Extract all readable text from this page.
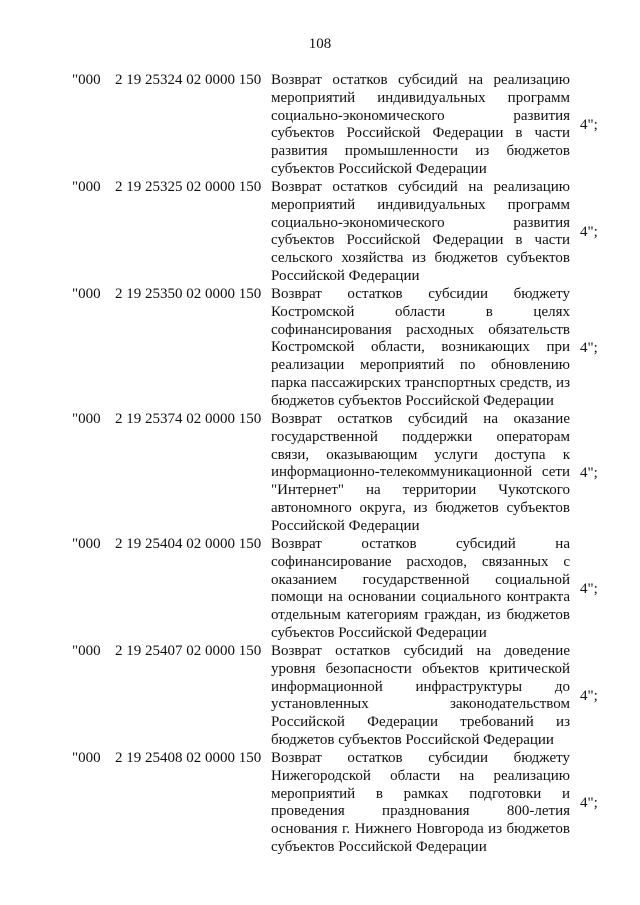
108
"000 2 19 25324 02 0000 150 Возврат остатков субсидий на реализацию мероприятий индивидуальных программ социально-экономического развития субъектов Российской Федерации в части развития промышленности из бюджетов субъектов Российской Федерации
4";
"000 2 19 25325 02 0000 150 Возврат остатков субсидий на реализацию мероприятий индивидуальных программ социально-экономического развития субъектов Российской Федерации в части сельского хозяйства из бюджетов субъектов Российской Федерации
4";
"000 2 19 25350 02 0000 150 Возврат остатков субсидии бюджету Костромской области в целях софинансирования расходных обязательств Костромской области, возникающих при реализации мероприятий по обновлению парка пассажирских транспортных средств, из бюджетов субъектов Российской Федерации
4";
"000 2 19 25374 02 0000 150 Возврат остатков субсидий на оказание государственной поддержки операторам связи, оказывающим услуги доступа к информационно-телекоммуникационной сети "Интернет" на территории Чукотского автономного округа, из бюджетов субъектов Российской Федерации
4";
"000 2 19 25404 02 0000 150 Возврат остатков субсидий на софинансирование расходов, связанных с оказанием государственной социальной помощи на основании социального контракта отдельным категориям граждан, из бюджетов субъектов Российской Федерации
4";
"000 2 19 25407 02 0000 150 Возврат остатков субсидий на доведение уровня безопасности объектов критической информационной инфраструктуры до установленных законодательством Российской Федерации требований из бюджетов субъектов Российской Федерации
4";
"000 2 19 25408 02 0000 150 Возврат остатков субсидии бюджету Нижегородской области на реализацию мероприятий в рамках подготовки и проведения празднования 800-летия основания г. Нижнего Новгорода из бюджетов субъектов Российской Федерации
4";
